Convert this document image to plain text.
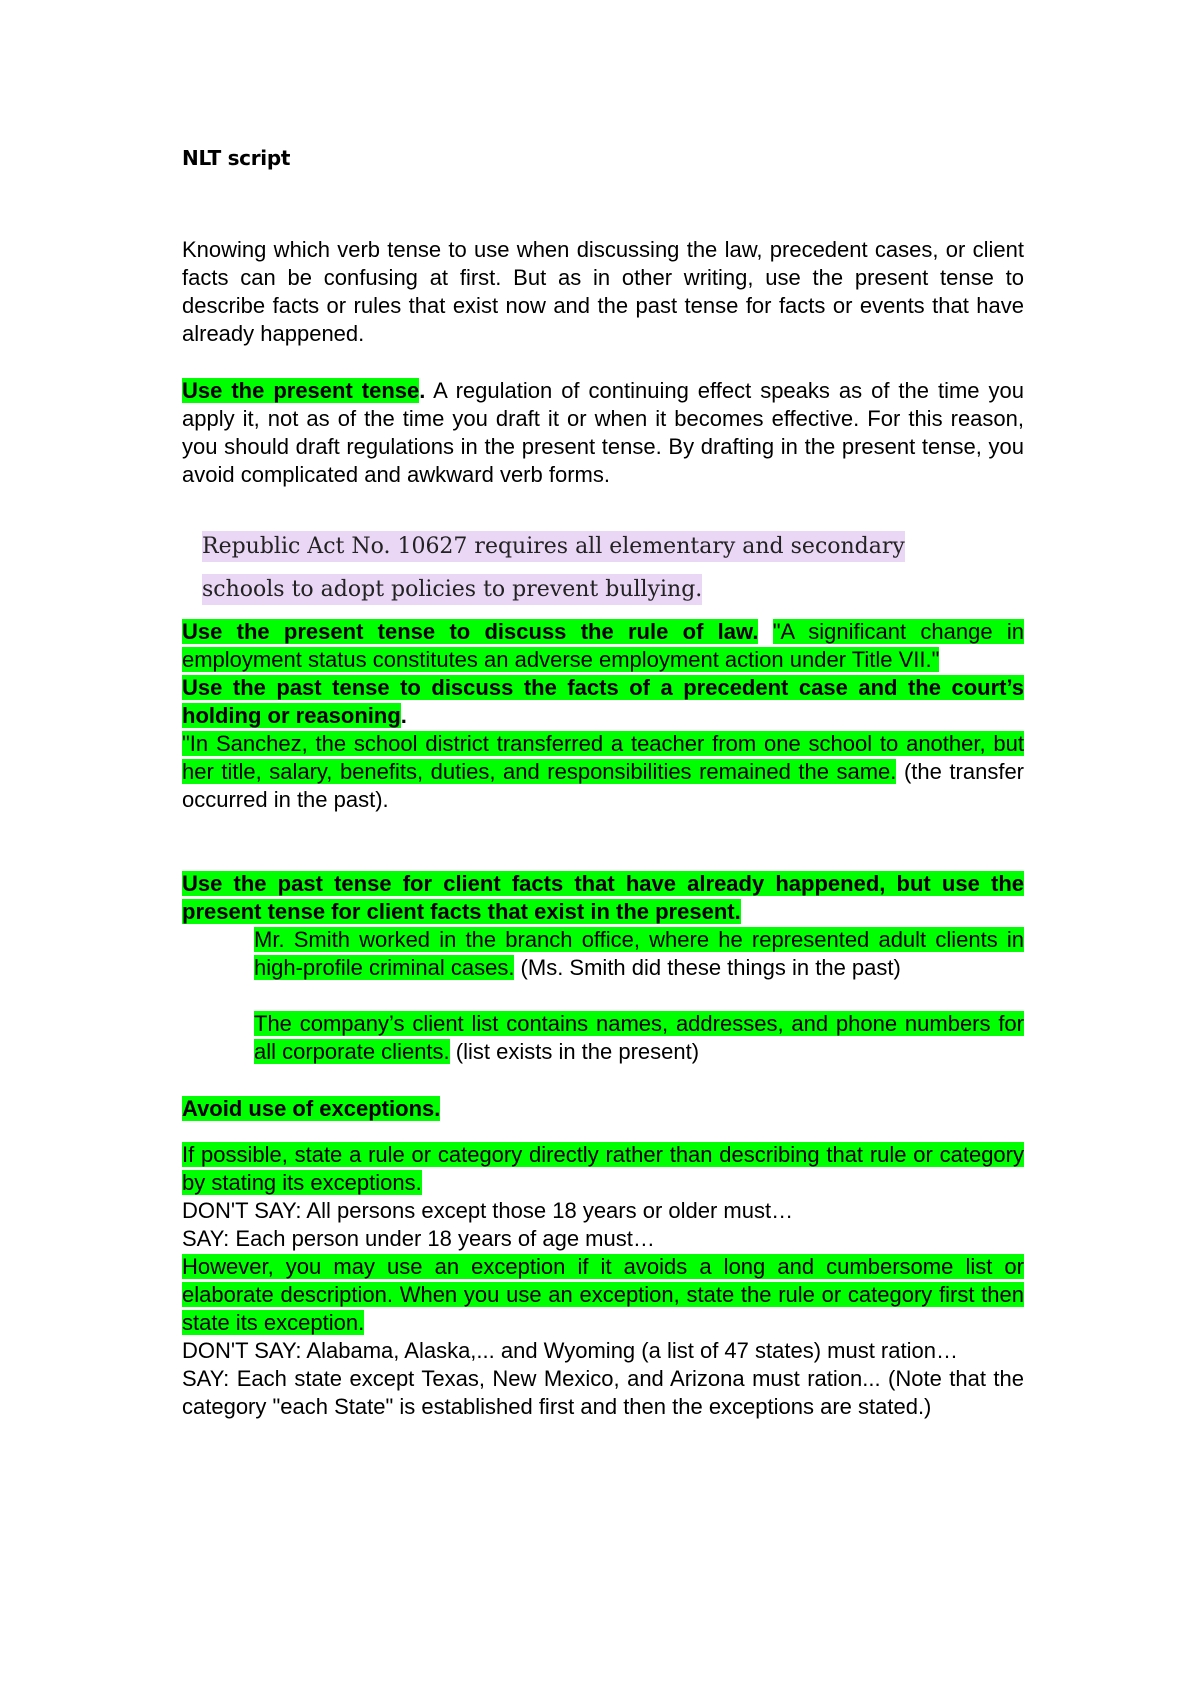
NLT script

Knowing which verb tense to use when discussing the law, precedent cases, or client facts can be confusing at first. But as in other writing, use the present tense to describe facts or rules that exist now and the past tense for facts or events that have already happened.

Use the present tense. A regulation of continuing effect speaks as of the time you apply it, not as of the time you draft it or when it becomes effective. For this reason, you should draft regulations in the present tense. By drafting in the present tense, you avoid complicated and awkward verb forms.

Republic Act No. 10627 requires all elementary and secondary schools to adopt policies to prevent bullying.

Use the present tense to discuss the rule of law. "A significant change in employment status constitutes an adverse employment action under Title VII."
Use the past tense to discuss the facts of a precedent case and the court’s holding or reasoning.
"In Sanchez, the school district transferred a teacher from one school to another, but her title, salary, benefits, duties, and responsibilities remained the same. (the transfer occurred in the past).

Use the past tense for client facts that have already happened, but use the present tense for client facts that exist in the present.

Mr. Smith worked in the branch office, where he represented adult clients in high-profile criminal cases. (Ms. Smith did these things in the past)

The company’s client list contains names, addresses, and phone numbers for all corporate clients. (list exists in the present)

Avoid use of exceptions.

If possible, state a rule or category directly rather than describing that rule or category by stating its exceptions.
DON'T SAY: All persons except those 18 years or older must…
SAY: Each person under 18 years of age must…
However, you may use an exception if it avoids a long and cumbersome list or elaborate description. When you use an exception, state the rule or category first then state its exception.
DON'T SAY: Alabama, Alaska,... and Wyoming (a list of 47 states) must ration…
SAY: Each state except Texas, New Mexico, and Arizona must ration... (Note that the category "each State" is established first and then the exceptions are stated.)
